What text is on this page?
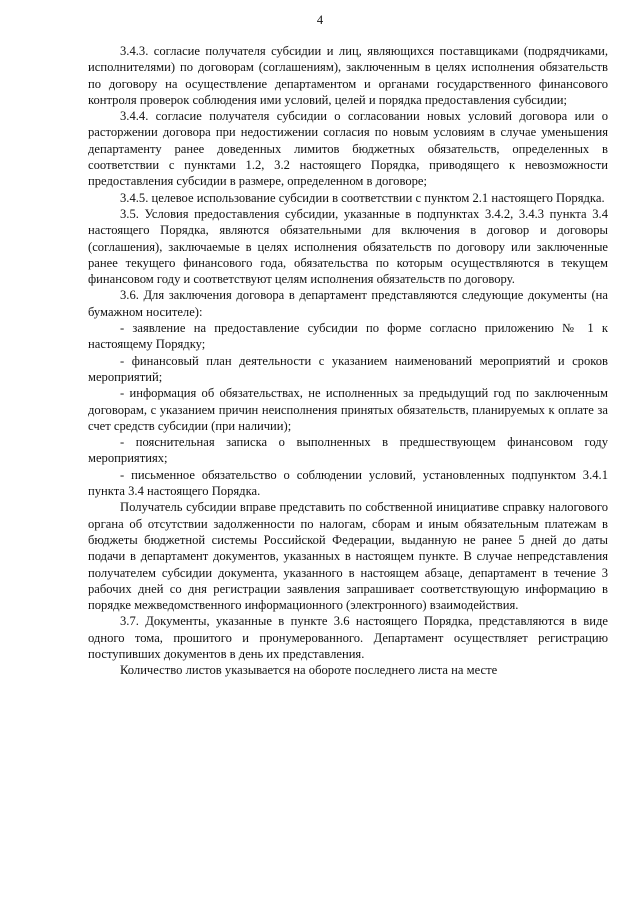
4

3.4.3. согласие получателя субсидии и лиц, являющихся поставщиками (подрядчиками, исполнителями) по договорам (соглашениям), заключенным в целях исполнения обязательств по договору на осуществление департаментом и органами государственного финансового контроля проверок соблюдения ими условий, целей и порядка предоставления субсидии;

3.4.4. согласие получателя субсидии о согласовании новых условий договора или о расторжении договора при недостижении согласия по новым условиям в случае уменьшения департаменту ранее доведенных лимитов бюджетных обязательств, определенных в соответствии с пунктами 1.2, 3.2 настоящего Порядка, приводящего к невозможности предоставления субсидии в размере, определенном в договоре;

3.4.5. целевое использование субсидии в соответствии с пунктом 2.1 настоящего Порядка.

3.5. Условия предоставления субсидии, указанные в подпунктах 3.4.2, 3.4.3 пункта 3.4 настоящего Порядка, являются обязательными для включения в договор и договоры (соглашения), заключаемые в целях исполнения обязательств по договору или заключенные ранее текущего финансового года, обязательства по которым осуществляются в текущем финансовом году и соответствуют целям исполнения обязательств по договору.

3.6. Для заключения договора в департамент представляются следующие документы (на бумажном носителе):

- заявление на предоставление субсидии по форме согласно приложению № 1 к настоящему Порядку;

- финансовый план деятельности с указанием наименований мероприятий и сроков мероприятий;

- информация об обязательствах, не исполненных за предыдущий год по заключенным договорам, с указанием причин неисполнения принятых обязательств, планируемых к оплате за счет средств субсидии (при наличии);

- пояснительная записка о выполненных в предшествующем финансовом году мероприятиях;

- письменное обязательство о соблюдении условий, установленных подпунктом 3.4.1 пункта 3.4 настоящего Порядка.

Получатель субсидии вправе представить по собственной инициативе справку налогового органа об отсутствии задолженности по налогам, сборам и иным обязательным платежам в бюджеты бюджетной системы Российской Федерации, выданную не ранее 5 дней до даты подачи в департамент документов, указанных в настоящем пункте. В случае непредставления получателем субсидии документа, указанного в настоящем абзаце, департамент в течение 3 рабочих дней со дня регистрации заявления запрашивает соответствующую информацию в порядке межведомственного информационного (электронного) взаимодействия.

3.7. Документы, указанные в пункте 3.6 настоящего Порядка, представляются в виде одного тома, прошитого и пронумерованного. Департамент осуществляет регистрацию поступивших документов в день их представления.

Количество листов указывается на обороте последнего листа на месте
